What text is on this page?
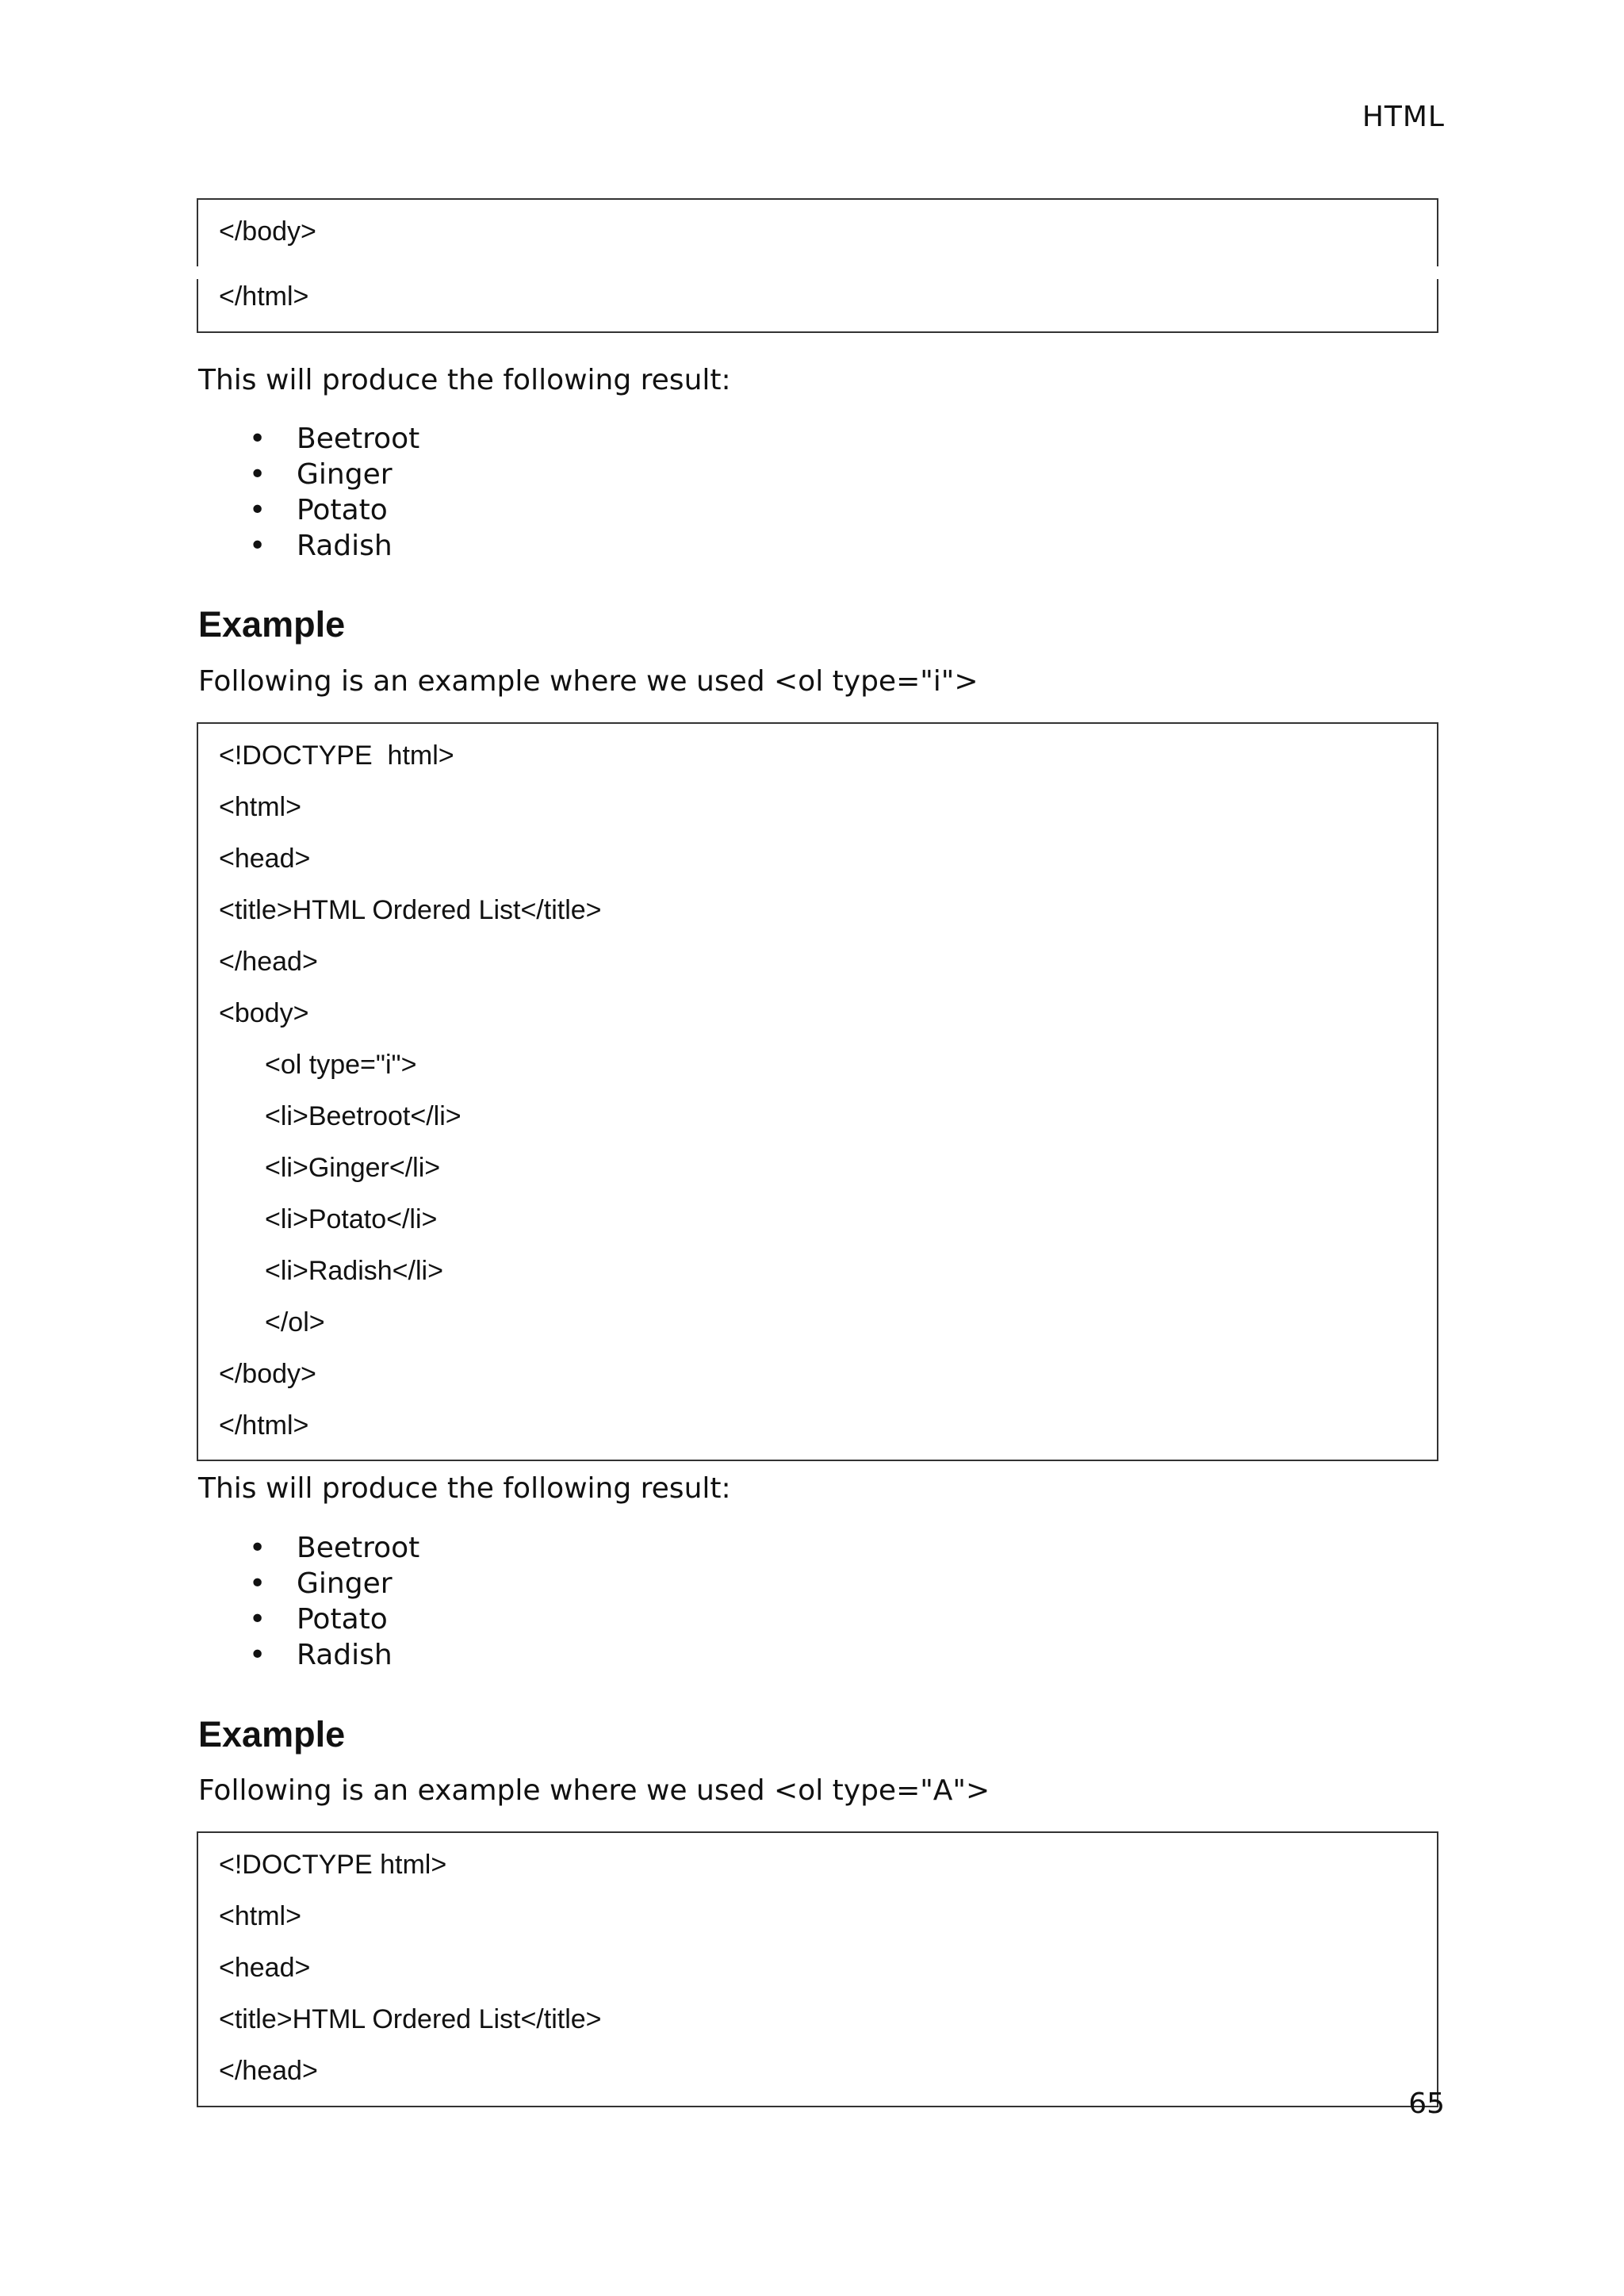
HTML
</body>
</html>
This will produce the following result:
• Beetroot
• Ginger
• Potato
• Radish
Example
Following is an example where we used <ol type="i">
<!DOCTYPE  html>
<html>
<head>
<title>HTML Ordered List</title>
</head>
<body>
<ol type="i">
<li>Beetroot</li>
<li>Ginger</li>
<li>Potato</li>
<li>Radish</li>
</ol>
</body>
</html>
This will produce the following result:
• Beetroot
• Ginger
• Potato
• Radish
Example
Following is an example where we used <ol type="A">
<!DOCTYPE html>
<html>
<head>
<title>HTML Ordered List</title>
</head>
65
